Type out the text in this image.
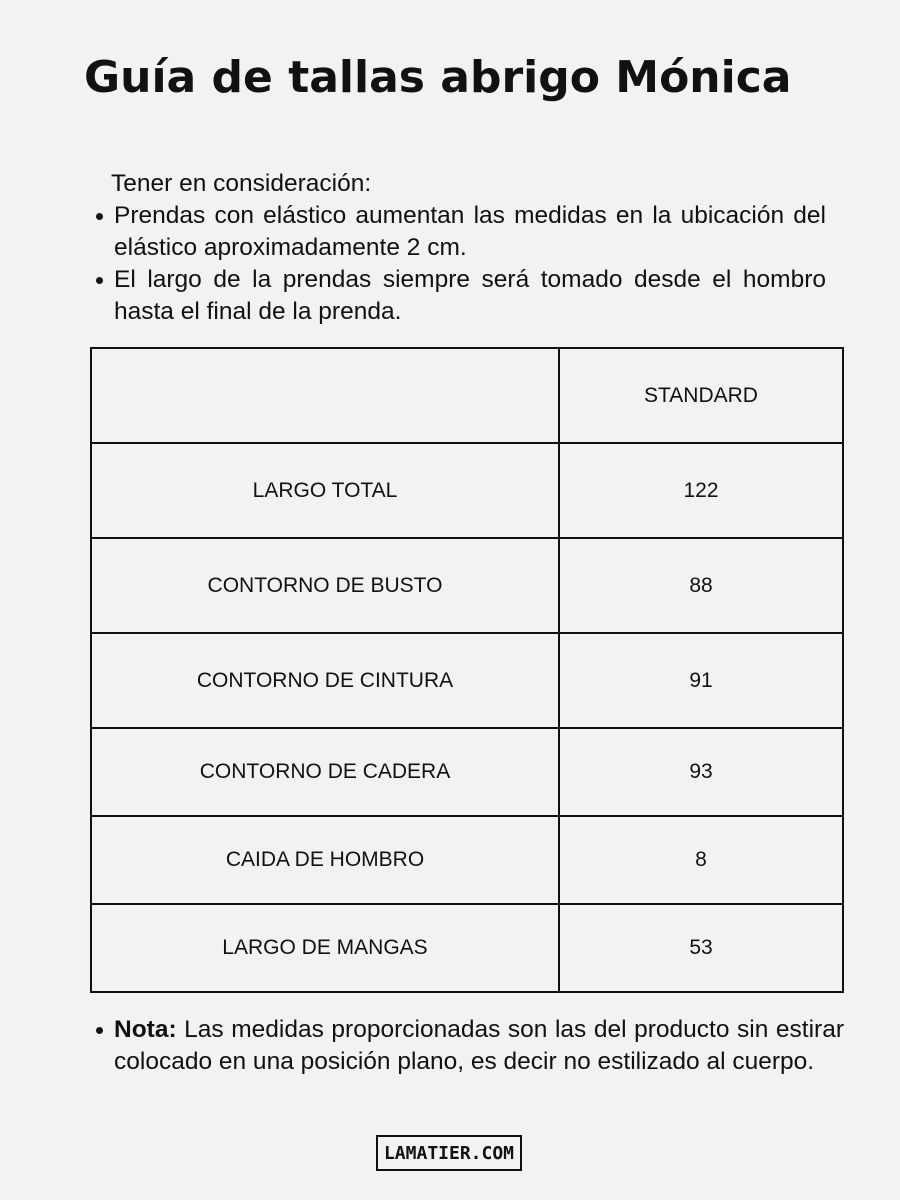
Guía de tallas abrigo Mónica
Tener en consideración:
Prendas con elástico aumentan las medidas en la ubicación del elástico aproximadamente 2 cm.
El largo de la prendas siempre será tomado desde el hombro hasta el final de la prenda.
	STANDARD
LARGO TOTAL	122
CONTORNO DE BUSTO	88
CONTORNO DE CINTURA	91
CONTORNO DE CADERA	93
CAIDA DE HOMBRO	8
LARGO DE MANGAS	53
Nota: Las medidas proporcionadas son las del producto sin estirar colocado en una posición plano, es decir no estilizado al cuerpo.
LAMATIER.COM
